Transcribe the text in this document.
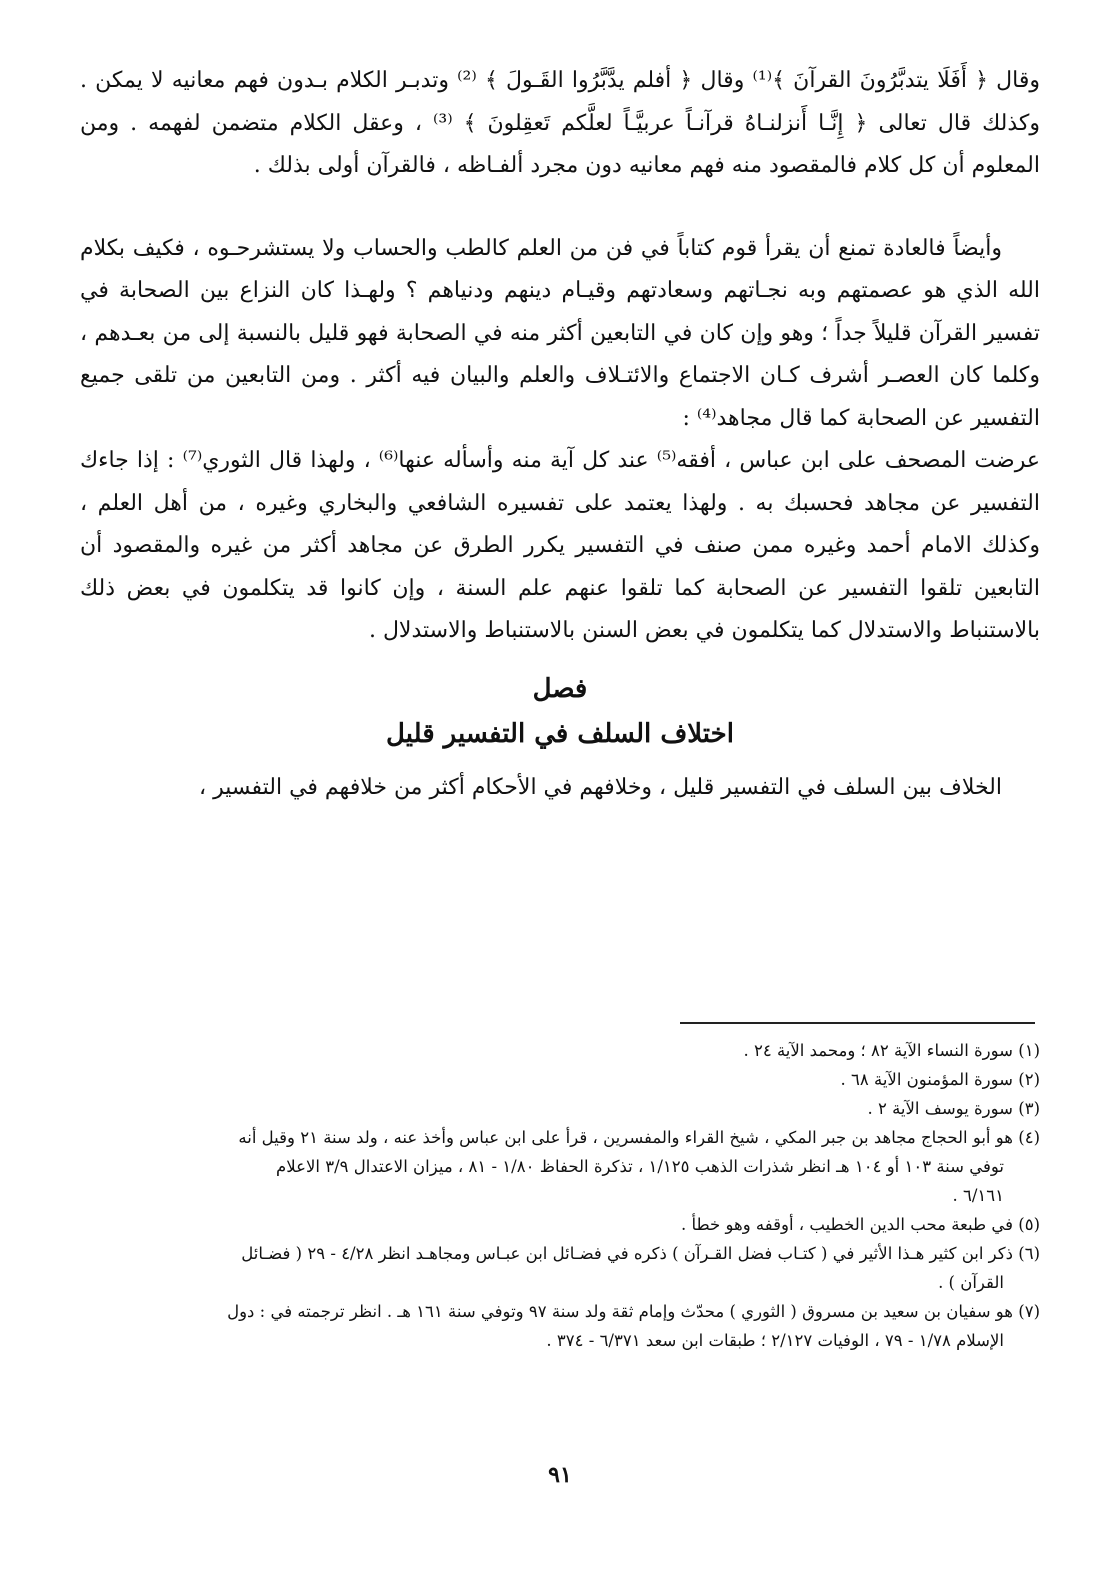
وقال ﴿ أَفَلَا يتدبَّرُونَ القرآنَ ﴾⁽¹⁾ وقال ﴿ أفلم يدَّبَّرُوا القَـولَ ﴾ ⁽²⁾ وتدبـر الكلام بـدون فهم معانيه لا يمكن . وكذلك قال تعالى ﴿ إِنَّـا أَنزلنـاهُ قرآنـاً عربيَّـاً لعلَّكم تَعقِلونَ ﴾ ⁽³⁾ ، وعقل الكلام متضمن لفهمه . ومن المعلوم أن كل كلام فالمقصود منه فهم معانيه دون مجرد ألفـاظه ، فالقرآن أولى بذلك .

وأيضاً فالعادة تمنع أن يقرأ قوم كتاباً في فن من العلم كالطب والحساب ولا يستشرحـوه ، فكيف بكلام الله الذي هو عصمتهم وبه نجـاتهم وسعادتهم وقيـام دينهم ودنياهم ؟ ولهـذا كان النزاع بين الصحابة في تفسير القرآن قليلاً جداً ؛ وهو وإن كان في التابعين أكثر منه في الصحابة فهو قليل بالنسبة إلى من بعـدهم ، وكلما كان العصـر أشرف كـان الاجتماع والائتـلاف والعلم والبيان فيه أكثر . ومن التابعين من تلقى جميع التفسير عن الصحابة كما قال مجاهد⁽⁴⁾ :

عرضت المصحف على ابن عباس ، أفقه⁽⁵⁾ عند كل آية منه وأسأله عنها⁽⁶⁾ ، ولهذا قال الثوري⁽⁷⁾ : إذا جاءك التفسير عن مجاهد فحسبك به . ولهذا يعتمد على تفسيره الشافعي والبخاري وغيره ، من أهل العلم ، وكذلك الامام أحمد وغيره ممن صنف في التفسير يكرر الطرق عن مجاهد أكثر من غيره والمقصود أن التابعين تلقوا التفسير عن الصحابة كما تلقوا عنهم علم السنة ، وإن كانوا قد يتكلمون في بعض ذلك بالاستنباط والاستدلال كما يتكلمون في بعض السنن بالاستنباط والاستدلال .

فصل
اختلاف السلف في التفسير قليل

الخلاف بين السلف في التفسير قليل ، وخلافهم في الأحكام أكثر من خلافهم في التفسير ،

(١) سورة النساء الآية ٨٢ ؛ ومحمد الآية ٢٤ .

(٢) سورة المؤمنون الآية ٦٨ .

(٣) سورة يوسف الآية ٢ .

(٤) هو أبو الحجاج مجاهد بن جبر المكي ، شيخ القراء والمفسرين ، قرأ على ابن عباس وأخذ عنه ، ولد سنة ٢١ وقيل أنه

توفي سنة ١٠٣ أو ١٠٤ هـ انظر شذرات الذهب ١/١٢٥ ، تذكرة الحفاظ ١/٨٠ - ٨١ ، ميزان الاعتدال ٣/٩ الاعلام

٦/١٦١ .

(٥) في طبعة محب الدين الخطيب ، أوقفه وهو خطأ .

(٦) ذكر ابن كثير هـذا الأثير في ( كتـاب فضل القـرآن ) ذكره في فضـائل ابن عبـاس ومجاهـد انظر ٤/٢٨ - ٢٩ ( فضـائل

القرآن ) .

(٧) هو سفيان بن سعيد بن مسروق ( الثوري ) محدّث وإمام ثقة ولد سنة ٩٧ وتوفي سنة ١٦١ هـ . انظر ترجمته في : دول

الإسلام ١/٧٨ - ٧٩ ، الوفيات ٢/١٢٧ ؛ طبقات ابن سعد ٦/٣٧١ - ٣٧٤ .

٩١
